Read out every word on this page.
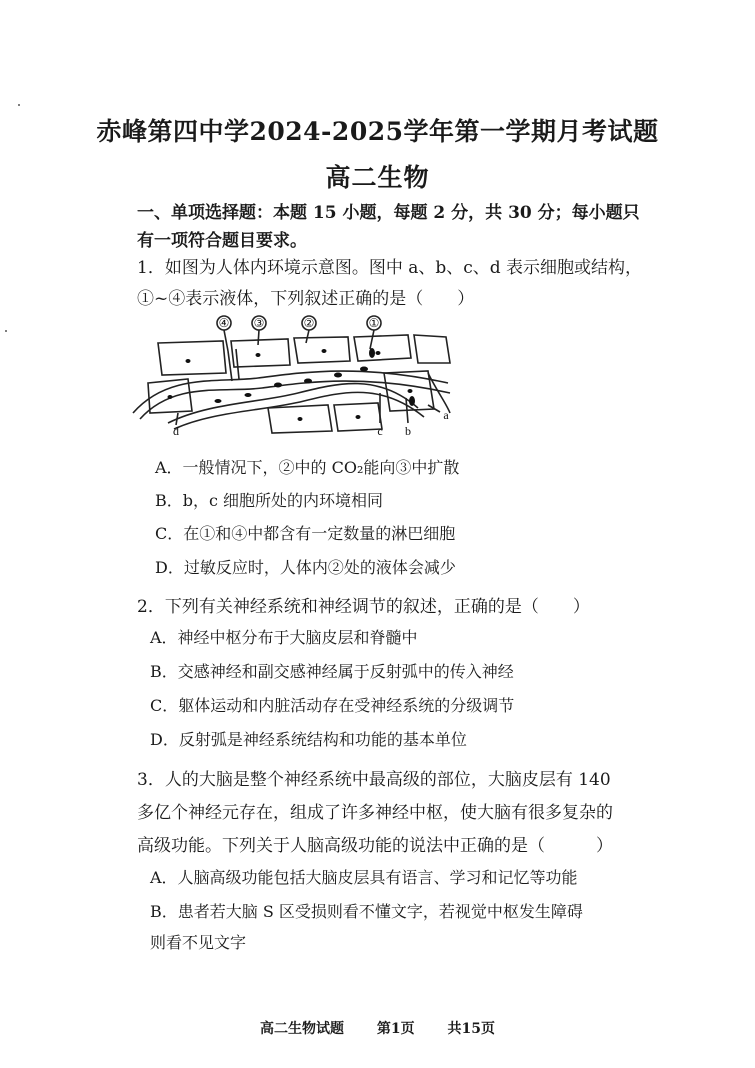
赤峰第四中学2024-2025学年第一学期月考试题
高二生物
一、单项选择题：本题 15 小题，每题 2 分，共 30 分；每小题只
有一项符合题目要求。
1．如图为人体内环境示意图。图中 a、b、c、d 表示细胞或结构，
①~④表示液体，下列叙述正确的是（　　）
④ ③	②	①
d	c b
a
A．一般情况下，②中的 CO₂能向③中扩散
B．b，c 细胞所处的内环境相同
C．在①和④中都含有一定数量的淋巴细胞
D．过敏反应时，人体内②处的液体会减少
2．下列有关神经系统和神经调节的叙述，正确的是（　　）
A．神经中枢分布于大脑皮层和脊髓中
B．交感神经和副交感神经属于反射弧中的传入神经
C．躯体运动和内脏活动存在受神经系统的分级调节
D．反射弧是神经系统结构和功能的基本单位
3．人的大脑是整个神经系统中最高级的部位，大脑皮层有 140
多亿个神经元存在，组成了许多神经中枢，使大脑有很多复杂的
高级功能。下列关于人脑高级功能的说法中正确的是（　　　）
A．人脑高级功能包括大脑皮层具有语言、学习和记忆等功能
B．患者若大脑 S 区受损则看不懂文字，若视觉中枢发生障碍
则看不见文字
高二生物试题 第1页 共15页
